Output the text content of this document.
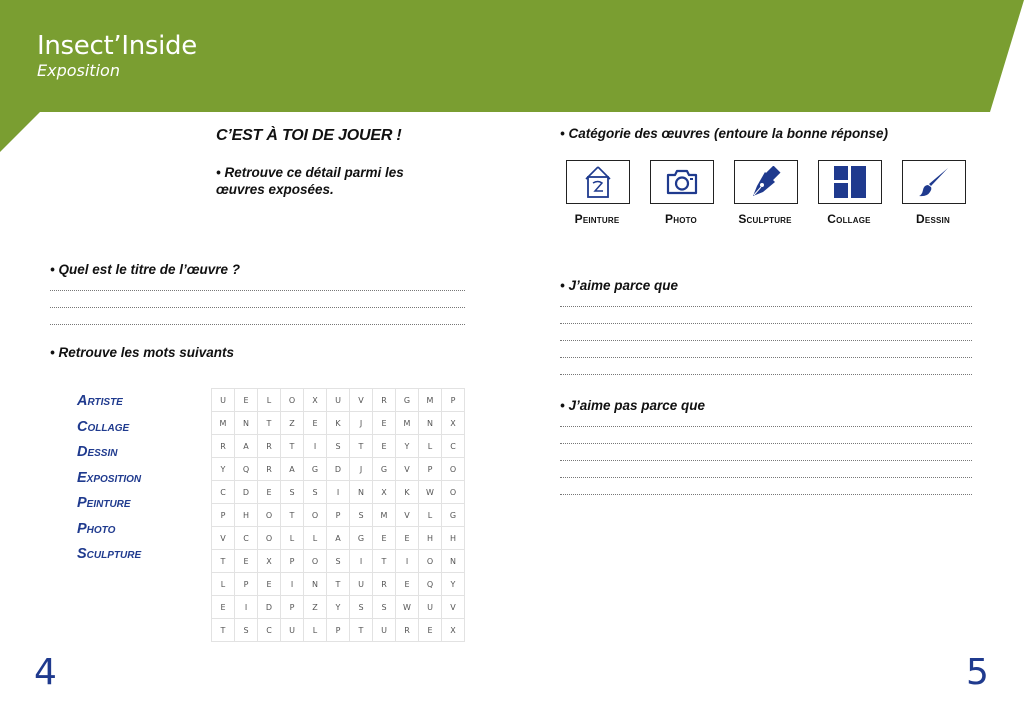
Insect’Inside
Exposition
C’EST À TOI DE JOUER !
• Retrouve ce détail parmi les
œuvres exposées.
• Quel est le titre de l’œuvre ?
• Retrouve les mots suivants
Artiste
Collage
Dessin
Exposition
Peinture
Photo
Sculpture
U	E	L	O	X	U	V	R	G	M	P
M	N	T	Z	E	K	J	E	M	N	X
R	A	R	T	I	S	T	E	Y	L	C
Y	Q	R	A	G	D	J	G	V	P	O
C	D	E	S	S	I	N	X	K	W	O
P	H	O	T	O	P	S	M	V	L	G
V	C	O	L	L	A	G	E	E	H	H
T	E	X	P	O	S	I	T	I	O	N
L	P	E	I	N	T	U	R	E	Q	Y
E	I	D	P	Z	Y	S	S	W	U	V
T	S	C	U	L	P	T	U	R	E	X
4
• Catégorie des œuvres (entoure la bonne réponse)
Peinture	Photo	Sculpture	Collage	Dessin
• J’aime parce que
• J’aime pas parce que
5
